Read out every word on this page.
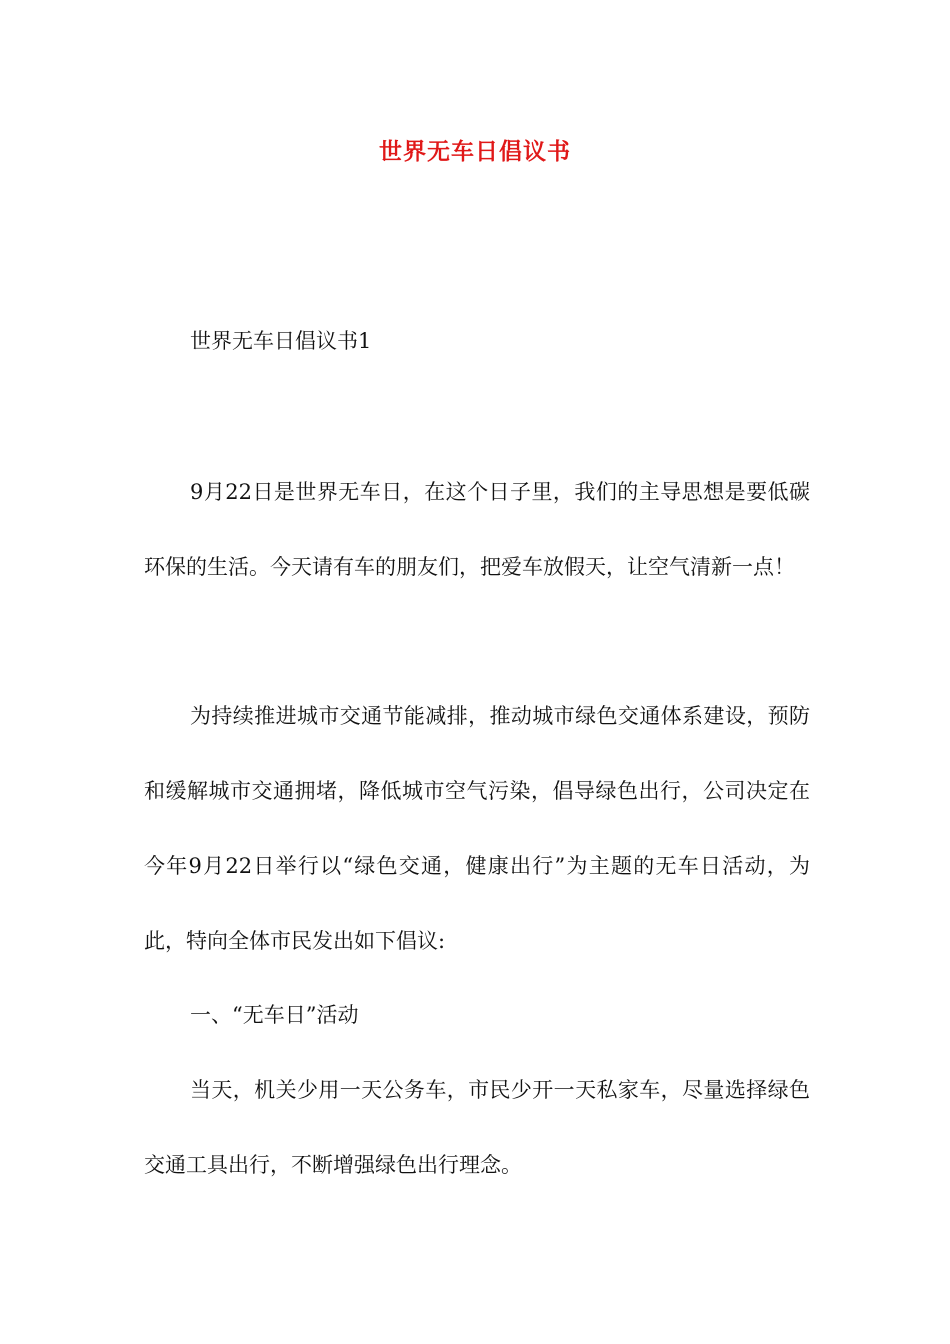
世界无车日倡议书
世界无车日倡议书1
9月22日是世界无车日，在这个日子里，我们的主导思想是要低碳环保的生活。今天请有车的朋友们，把爱车放假天，让空气清新一点！
为持续推进城市交通节能减排，推动城市绿色交通体系建设，预防和缓解城市交通拥堵，降低城市空气污染，倡导绿色出行，公司决定在今年9月22日举行以“绿色交通，健康出行”为主题的无车日活动，为此，特向全体市民发出如下倡议:
一、“无车日”活动
当天，机关少用一天公务车，市民少开一天私家车，尽量选择绿色交通工具出行，不断增强绿色出行理念。
